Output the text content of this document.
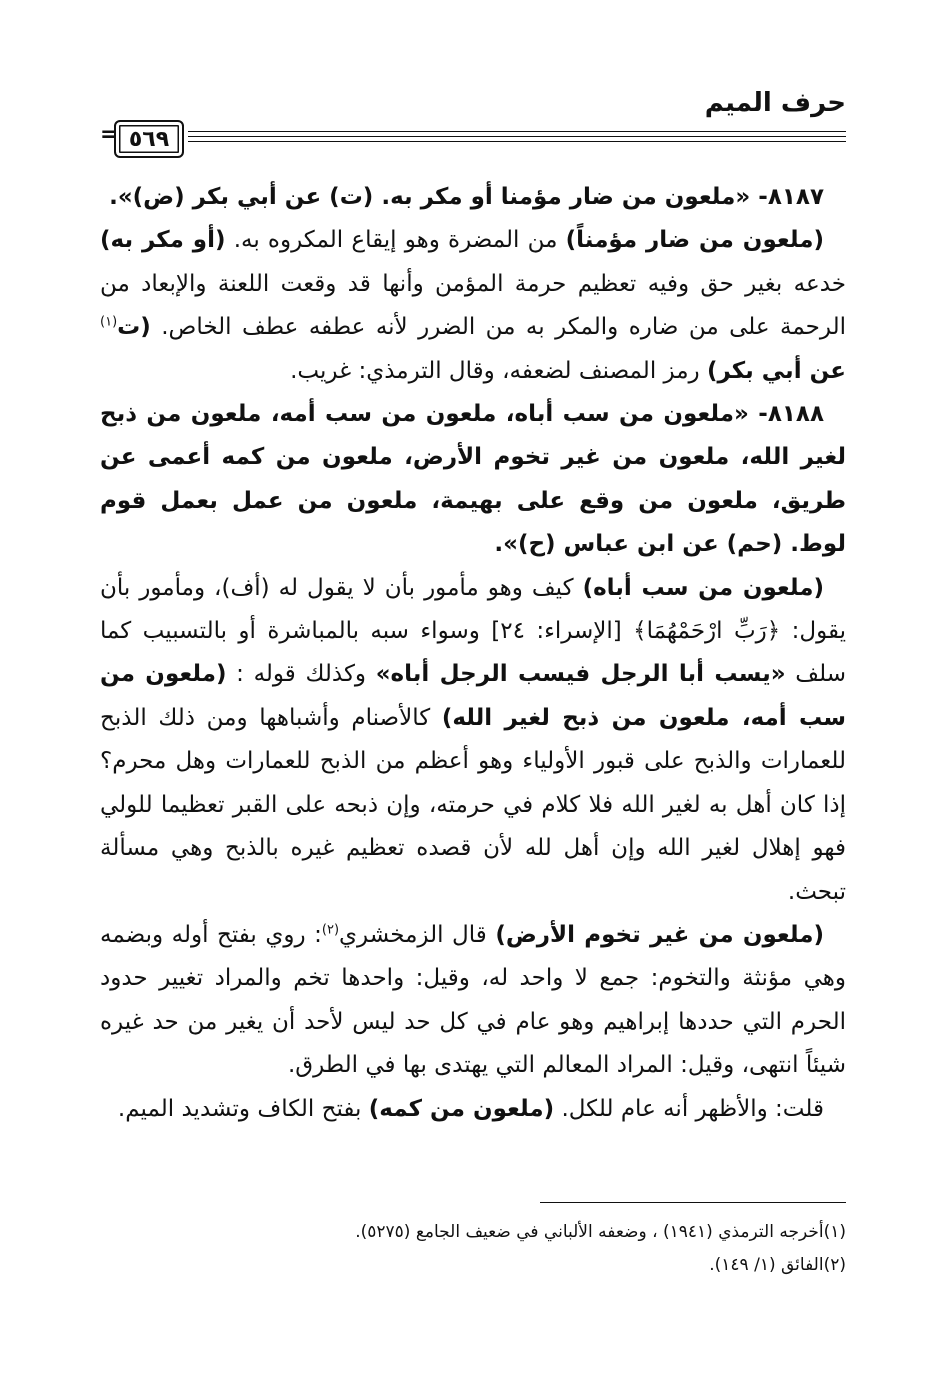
حرف الميم
= ٥٦٩

٨١٨٧- «ملعون من ضار مؤمنا أو مكر به. (ت) عن أبي بكر (ض)».

(ملعون من ضار مؤمناً) من المضرة وهو إيقاع المكروه به. (أو مكر به) خدعه بغير حق وفيه تعظيم حرمة المؤمن وأنها قد وقعت اللعنة والإبعاد من الرحمة على من ضاره والمكر به من الضرر لأنه عطفه عطف الخاص. (ت$^{(١)}$ عن أبي بكر) رمز المصنف لضعفه، وقال الترمذي: غريب.

٨١٨٨- «ملعون من سب أباه، ملعون من سب أمه، ملعون من ذبح لغير الله، ملعون من غير تخوم الأرض، ملعون من كمه أعمى عن طريق، ملعون من وقع على بهيمة، ملعون من عمل بعمل قوم لوط. (حم) عن ابن عباس (ح)».

(ملعون من سب أباه) كيف وهو مأمور بأن لا يقول له (أف)، ومأمور بأن يقول: ﴿رَبِّ ارْحَمْهُمَا﴾ [الإسراء: ٢٤] وسواء سبه بالمباشرة أو بالتسبيب كما سلف «يسب أبا الرجل فيسب الرجل أباه» وكذلك قوله : (ملعون من سب أمه، ملعون من ذبح لغير الله) كالأصنام وأشباهها ومن ذلك الذبح للعمارات والذبح على قبور الأولياء وهو أعظم من الذبح للعمارات وهل محرم؟ إذا كان أهل به لغير الله فلا كلام في حرمته، وإن ذبحه على القبر تعظيما للولي فهو إهلال لغير الله وإن أهل لله لأن قصده تعظيم غيره بالذبح وهي مسألة تبحث.

(ملعون من غير تخوم الأرض) قال الزمخشري$^{(٢)}$: روي بفتح أوله وبضمه وهي مؤنثة والتخوم: جمع لا واحد له، وقيل: واحدها تخم والمراد تغيير حدود الحرم التي حددها إبراهيم وهو عام في كل حد ليس لأحد أن يغير من حد غيره شيئاً انتهى، وقيل: المراد المعالم التي يهتدى بها في الطرق.

قلت: والأظهر أنه عام للكل. (ملعون من كمه) بفتح الكاف وتشديد الميم.

(١)أخرجه الترمذي (١٩٤١) ، وضعفه الألباني في ضعيف الجامع (٥٢٧٥).
(٢)الفائق (١/ ١٤٩).
